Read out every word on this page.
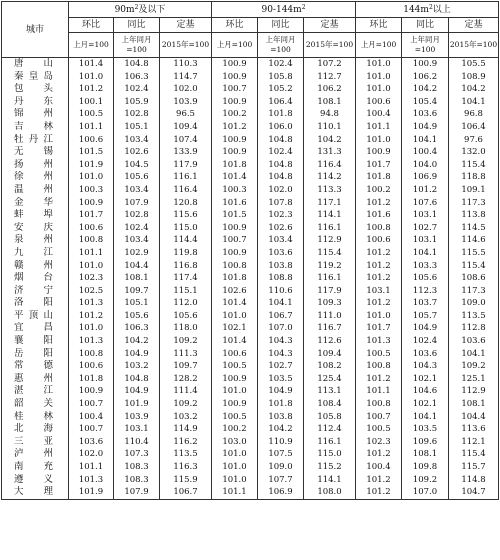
城市	$90m^2$及以下			$90-144m^2$			$144m^2$以上		
	环比	同比	定基	环比	同比	定基	环比	同比	定基
	上月=100	上年同月=100	2015年=100	上月=100	上年同月=100	2015年=100	上月=100	上年同月=100	2015年=100
唐山	101.4	104.8	110.3	100.9	102.4	107.2	101.0	100.9	105.5
秦皇岛	101.0	106.3	114.7	100.9	105.8	112.7	101.0	106.2	108.9
包头	101.2	102.4	102.0	100.7	105.2	106.2	101.0	104.2	104.2
丹东	100.1	105.9	103.9	100.9	106.4	108.1	100.6	105.4	104.1
锦州	100.5	102.8	96.5	100.2	101.8	94.8	100.4	103.6	96.8
吉林	101.1	105.1	109.4	101.2	106.0	110.1	101.1	104.9	106.4
牡丹江	100.6	103.4	107.4	100.9	104.8	104.2	101.0	104.1	97.6
无锡	101.5	102.6	133.9	100.9	102.4	131.3	100.9	100.4	132.0
扬州	101.9	104.5	117.9	101.8	104.8	116.4	101.7	104.0	115.4
徐州	101.0	105.6	116.1	101.4	104.8	114.2	101.8	106.9	118.8
温州	100.3	103.4	116.4	100.3	102.0	113.3	100.2	101.2	109.1
金华	100.9	107.9	120.8	101.6	107.8	117.1	101.2	107.6	117.3
蚌埠	101.7	102.8	115.6	101.5	102.3	114.1	101.6	103.1	113.8
安庆	100.6	102.4	115.0	100.9	102.6	116.1	100.8	102.7	114.5
泉州	100.8	103.4	114.4	100.7	103.4	112.9	100.6	103.1	114.6
九江	101.1	102.9	119.8	100.9	103.6	115.4	101.2	104.1	115.5
赣州	101.0	104.4	116.8	100.8	103.8	119.2	101.2	103.3	115.4
烟台	102.3	108.1	117.4	101.8	108.8	116.1	101.2	105.6	108.6
济宁	102.5	109.7	115.1	102.6	110.6	117.9	103.1	112.3	117.3
洛阳	101.3	105.1	112.0	101.4	104.1	109.3	101.2	103.7	109.0
平顶山	101.2	105.6	105.6	101.0	106.7	111.0	101.0	105.7	113.5
宜昌	101.0	106.3	118.0	102.1	107.0	116.7	101.7	104.9	112.8
襄阳	101.3	104.2	109.2	101.4	104.3	112.6	101.3	102.4	103.6
岳阳	100.8	104.9	111.3	100.6	104.3	109.4	100.5	103.6	104.1
常德	100.6	103.2	109.7	100.5	102.7	108.2	100.8	104.3	109.2
惠州	101.8	104.8	128.2	100.9	103.5	125.4	101.2	102.1	125.1
湛江	100.9	104.9	111.4	101.0	104.9	113.1	101.1	104.6	112.9
韶关	100.7	101.9	109.2	100.9	101.8	108.4	100.8	102.1	108.1
桂林	100.4	103.9	103.2	100.5	103.8	105.8	100.7	104.1	104.4
北海	100.7	103.1	114.9	100.2	104.2	112.4	100.5	103.5	113.6
三亚	103.6	110.4	116.2	103.0	110.9	116.1	102.3	109.6	112.1
泸州	102.0	107.3	113.5	101.0	107.5	115.0	101.2	108.1	115.4
南充	101.1	108.3	116.3	101.0	109.0	115.2	100.4	109.8	115.7
遵义	101.3	108.3	115.9	101.0	107.7	114.1	101.2	109.2	114.8
大理	101.9	107.9	106.7	101.1	106.9	108.0	101.2	107.0	104.7
